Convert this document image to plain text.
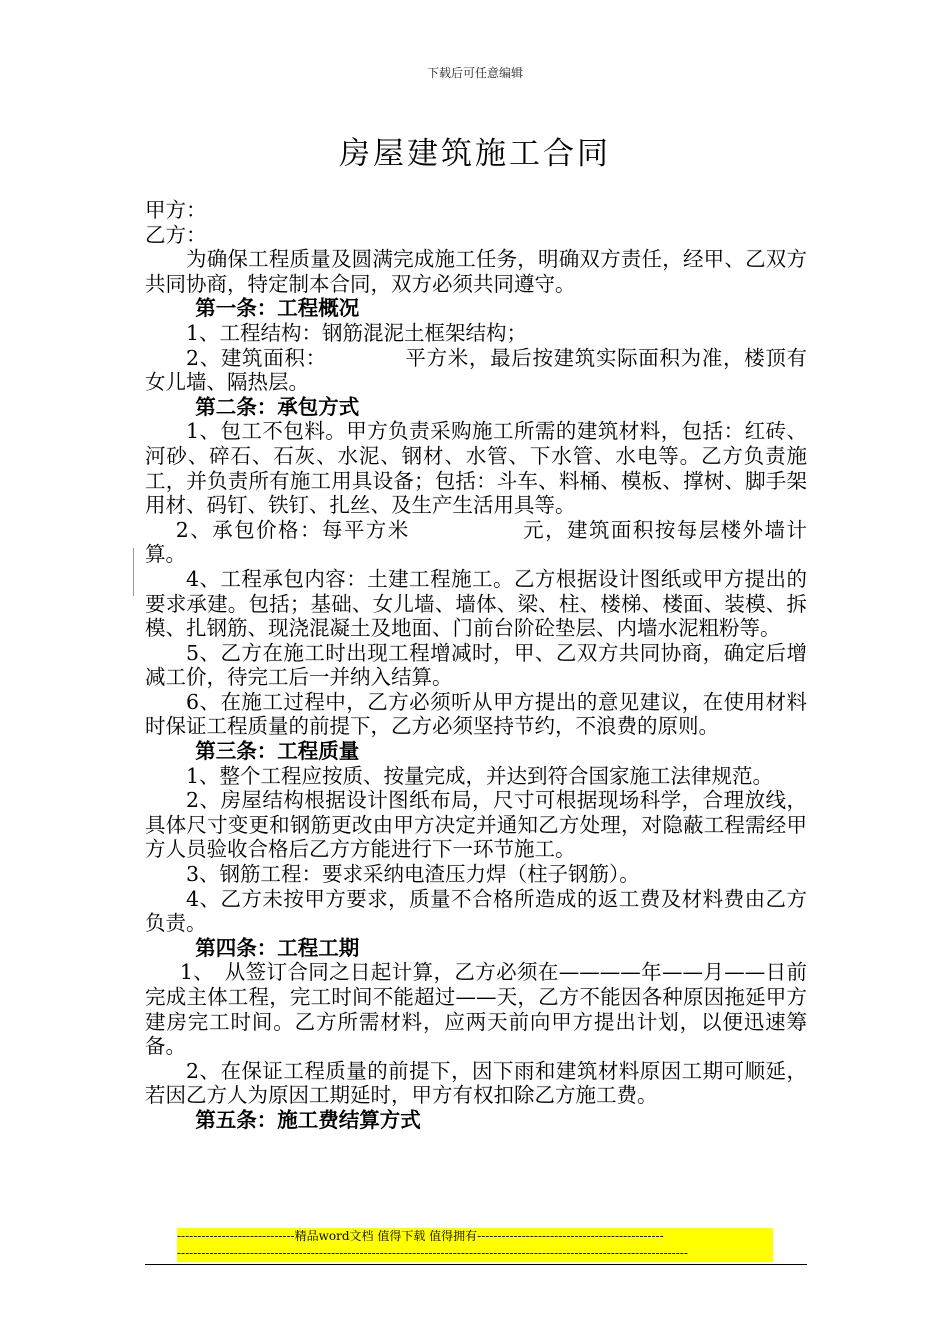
下载后可任意编辑
房屋建筑施工合同

甲方：

乙方：

为确保工程质量及圆满完成施工任务，明确双方责任，经甲、乙双方共同协商，特定制本合同，双方必须共同遵守。

第一条：工程概况

1、工程结构：钢筋混泥土框架结构；

2、建筑面积：	平方米，最后按建筑实际面积为准，楼顶有女儿墙、隔热层。

第二条：承包方式

1、包工不包料。甲方负责采购施工所需的建筑材料，包括：红砖、河砂、碎石、石灰、水泥、钢材、水管、下水管、水电等。乙方负责施工，并负责所有施工用具设备；包括：斗车、料桶、模板、撑树、脚手架用材、码钉、铁钉、扎丝、及生产生活用具等。

2、承包价格：每平方米	元，建筑面积按每层楼外墙计算。

4、工程承包内容：土建工程施工。乙方根据设计图纸或甲方提出的要求承建。包括；基础、女儿墙、墙体、梁、柱、楼梯、楼面、装模、拆模、扎钢筋、现浇混凝土及地面、门前台阶砼垫层、内墙水泥粗粉等。

5、乙方在施工时出现工程增减时，甲、乙双方共同协商，确定后增减工价，待完工后一并纳入结算。

6、在施工过程中，乙方必须听从甲方提出的意见建议，在使用材料时保证工程质量的前提下，乙方必须坚持节约，不浪费的原则。

第三条：工程质量

1、整个工程应按质、按量完成，并达到符合国家施工法律规范。

2、房屋结构根据设计图纸布局，尺寸可根据现场科学，合理放线，具体尺寸变更和钢筋更改由甲方决定并通知乙方处理，对隐蔽工程需经甲方人员验收合格后乙方方能进行下一环节施工。

3、钢筋工程：要求采纳电渣压力焊（柱子钢筋）。

4、乙方未按甲方要求，质量不合格所造成的返工费及材料费由乙方负责。

第四条：工程工期

1、　从签订合同之日起计算，乙方必须在————年——月——日前完成主体工程，完工时间不能超过——天，乙方不能因各种原因拖延甲方建房完工时间。乙方所需材料，应两天前向甲方提出计划，以便迅速筹备。

2、在保证工程质量的前提下，因下雨和建筑材料原因工期可顺延，若因乙方人为原因工期延时，甲方有权扣除乙方施工费。

第五条：施工费结算方式

-----------------------------精品word文档 值得下载 值得拥有----------------------------------------------
------------------------------------------------------------------------------------------------------------------------------
